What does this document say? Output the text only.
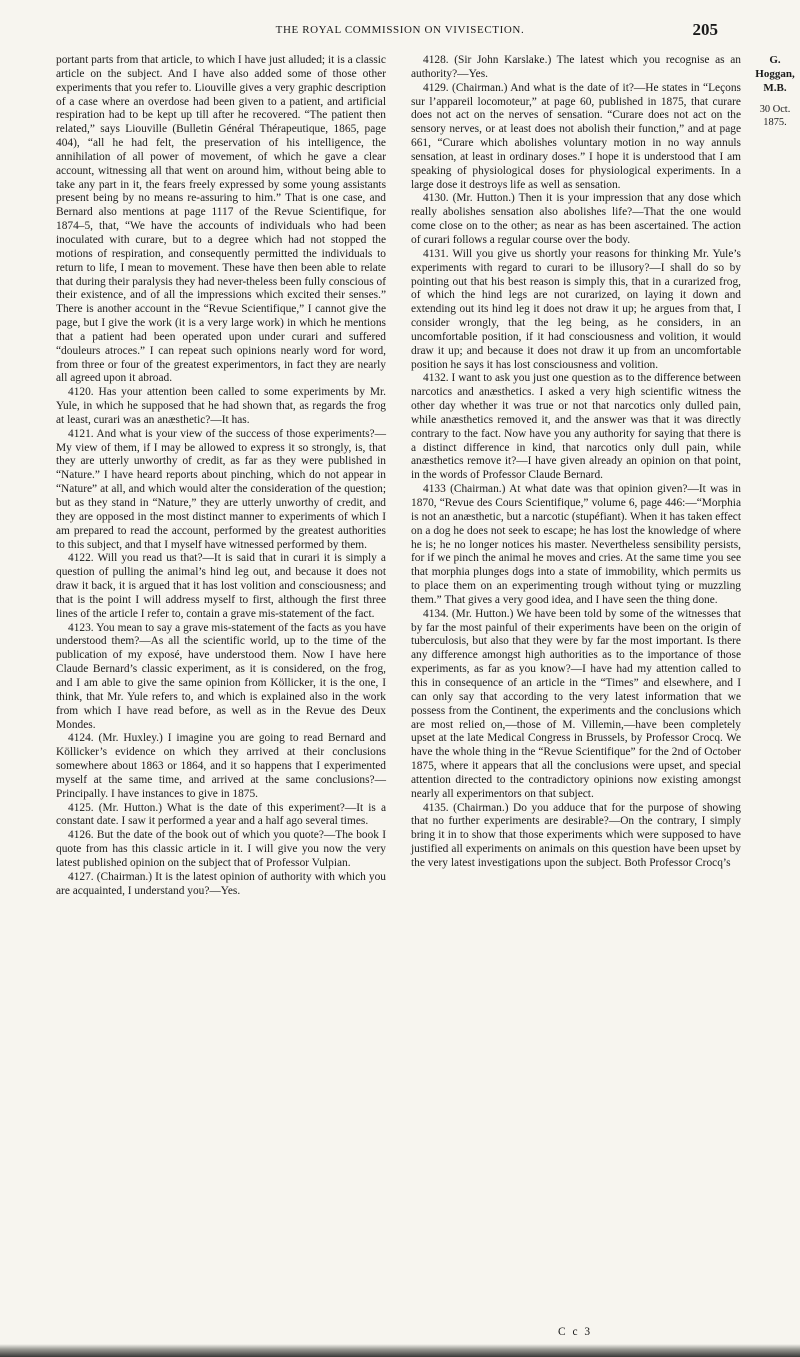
THE ROYAL COMMISSION ON VIVISECTION.	205

portant parts from that article, to which I have just alluded; it is a classic article on the subject. And I have also added some of those other experiments that you refer to. Liouville gives a very graphic description of a case where an overdose had been given to a patient, and artificial respiration had to be kept up till after he recovered. “The patient then related,” says Liouville (Bulletin Général Thérapeutique, 1865, page 404), “all he had felt, the preservation of his intelligence, the annihilation of all power of movement, of which he gave a clear account, witnessing all that went on around him, without being able to take any part in it, the fears freely expressed by some young assistants present being by no means re-assuring to him.” That is one case, and Bernard also mentions at page 1117 of the Revue Scientifique, for 1874–5, that, “We have the accounts of individuals who had been inoculated with curare, but to a degree which had not stopped the motions of respiration, and consequently permitted the individuals to return to life, I mean to movement. These have then been able to relate that during their paralysis they had never-theless been fully conscious of their existence, and of all the impressions which excited their senses.” There is another account in the “Revue Scientifique,” I cannot give the page, but I give the work (it is a very large work) in which he mentions that a patient had been operated upon under curari and suffered “douleurs atroces.” I can repeat such opinions nearly word for word, from three or four of the greatest experimentors, in fact they are nearly all agreed upon it abroad.

4120. Has your attention been called to some experiments by Mr. Yule, in which he supposed that he had shown that, as regards the frog at least, curari was an anæsthetic?—It has.

4121. And what is your view of the success of those experiments?—My view of them, if I may be allowed to express it so strongly, is, that they are utterly unworthy of credit, as far as they were published in “Nature.” I have heard reports about pinching, which do not appear in “Nature” at all, and which would alter the consideration of the question; but as they stand in “Nature,” they are utterly unworthy of credit, and they are opposed in the most distinct manner to experiments of which I am prepared to read the account, performed by the greatest authorities to this subject, and that I myself have witnessed performed by them.

4122. Will you read us that?—It is said that in curari it is simply a question of pulling the animal’s hind leg out, and because it does not draw it back, it is argued that it has lost volition and consciousness; and that is the point I will address myself to first, although the first three lines of the article I refer to, contain a grave mis-statement of the fact.

4123. You mean to say a grave mis-statement of the facts as you have understood them?—As all the scientific world, up to the time of the publication of my exposé, have understood them. Now I have here Claude Bernard’s classic experiment, as it is considered, on the frog, and I am able to give the same opinion from Köllicker, it is the one, I think, that Mr. Yule refers to, and which is explained also in the work from which I have read before, as well as in the Revue des Deux Mondes.

4124. (Mr. Huxley.) I imagine you are going to read Bernard and Köllicker’s evidence on which they arrived at their conclusions somewhere about 1863 or 1864, and it so happens that I experimented myself at the same time, and arrived at the same conclusions?—Principally. I have instances to give in 1875.

4125. (Mr. Hutton.) What is the date of this experiment?—It is a constant date. I saw it performed a year and a half ago several times.

4126. But the date of the book out of which you quote?—The book I quote from has this classic article in it. I will give you now the very latest published opinion on the subject that of Professor Vulpian.

4127. (Chairman.) It is the latest opinion of authority with which you are acquainted, I understand you?—Yes.

4128. (Sir John Karslake.) The latest which you recognise as an authority?—Yes.

4129. (Chairman.) And what is the date of it?—He states in “Leçons sur l’appareil locomoteur,” at page 60, published in 1875, that curare does not act on the nerves of sensation. “Curare does not act on the sensory nerves, or at least does not abolish their function,” and at page 661, “Curare which abolishes voluntary motion in no way annuls sensation, at least in ordinary doses.” I hope it is understood that I am speaking of physiological doses for physiological experiments. In a large dose it destroys life as well as sensation.

4130. (Mr. Hutton.) Then it is your impression that any dose which really abolishes sensation also abolishes life?—That the one would come close on to the other; as near as has been ascertained. The action of curari follows a regular course over the body.

4131. Will you give us shortly your reasons for thinking Mr. Yule’s experiments with regard to curari to be illusory?—I shall do so by pointing out that his best reason is simply this, that in a curarized frog, of which the hind legs are not curarized, on laying it down and extending out its hind leg it does not draw it up; he argues from that, I consider wrongly, that the leg being, as he considers, in an uncomfortable position, if it had consciousness and volition, it would draw it up; and because it does not draw it up from an uncomfortable position he says it has lost consciousness and volition.

4132. I want to ask you just one question as to the difference between narcotics and anæsthetics. I asked a very high scientific witness the other day whether it was true or not that narcotics only dulled pain, while anæsthetics removed it, and the answer was that it was directly contrary to the fact. Now have you any authority for saying that there is a distinct difference in kind, that narcotics only dull pain, while anæsthetics remove it?—I have given already an opinion on that point, in the words of Professor Claude Bernard.

4133 (Chairman.) At what date was that opinion given?—It was in 1870, “Revue des Cours Scientifique,” volume 6, page 446:—“Morphia is not an anæsthetic, but a narcotic (stupéfiant). When it has taken effect on a dog he does not seek to escape; he has lost the knowledge of where he is; he no longer notices his master. Nevertheless sensibility persists, for if we pinch the animal he moves and cries. At the same time you see that morphia plunges dogs into a state of immobility, which permits us to place them on an experimenting trough without tying or muzzling them.” That gives a very good idea, and I have seen the thing done.

4134. (Mr. Hutton.) We have been told by some of the witnesses that by far the most painful of their experiments have been on the origin of tuberculosis, but also that they were by far the most important. Is there any difference amongst high authorities as to the importance of those experiments, as far as you know?—I have had my attention called to this in consequence of an article in the “Times” and elsewhere, and I can only say that according to the very latest information that we possess from the Continent, the experiments and the conclusions which are most relied on,—those of M. Villemin,—have been completely upset at the late Medical Congress in Brussels, by Professor Crocq. We have the whole thing in the “Revue Scientifique” for the 2nd of October 1875, where it appears that all the conclusions were upset, and special attention directed to the contradictory opinions now existing amongst nearly all experimentors on that subject.

4135. (Chairman.) Do you adduce that for the purpose of showing that no further experiments are desirable?—On the contrary, I simply bring it in to show that those experiments which were supposed to have justified all experiments on animals on this question have been upset by the very latest investigations upon the subject. Both Professor Crocq’s

G. Hoggan, M.B.
30 Oct. 1875.
C c 3
